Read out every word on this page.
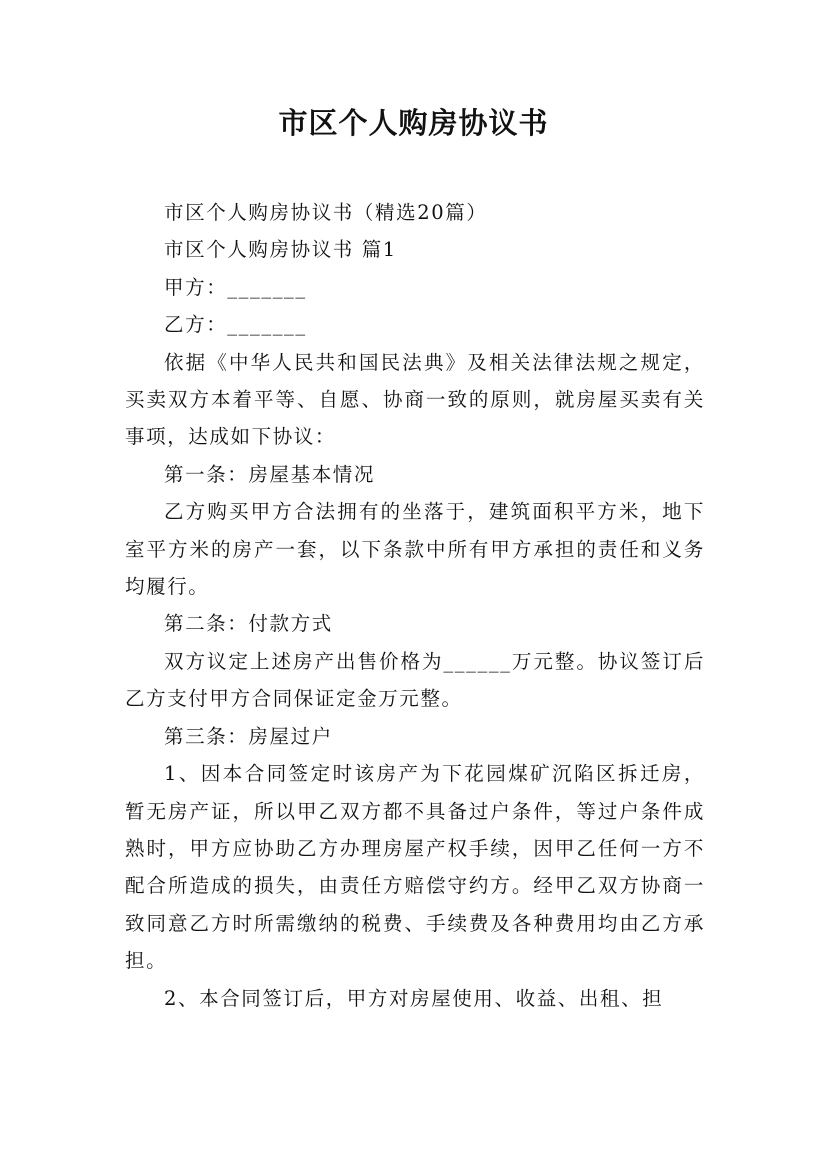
市区个人购房协议书

市区个人购房协议书（精选20篇）

市区个人购房协议书 篇1

甲方：_______

乙方：_______

依据《中华人民共和国民法典》及相关法律法规之规定，买卖双方本着平等、自愿、协商一致的原则，就房屋买卖有关事项，达成如下协议：

第一条：房屋基本情况

乙方购买甲方合法拥有的坐落于，建筑面积平方米，地下室平方米的房产一套，以下条款中所有甲方承担的责任和义务均履行。

第二条：付款方式

双方议定上述房产出售价格为______万元整。协议签订后乙方支付甲方合同保证定金万元整。

第三条：房屋过户

1、因本合同签定时该房产为下花园煤矿沉陷区拆迁房，暂无房产证，所以甲乙双方都不具备过户条件，等过户条件成熟时，甲方应协助乙方办理房屋产权手续，因甲乙任何一方不配合所造成的损失，由责任方赔偿守约方。经甲乙双方协商一致同意乙方时所需缴纳的税费、手续费及各种费用均由乙方承担。

2、本合同签订后，甲方对房屋使用、收益、出租、担
